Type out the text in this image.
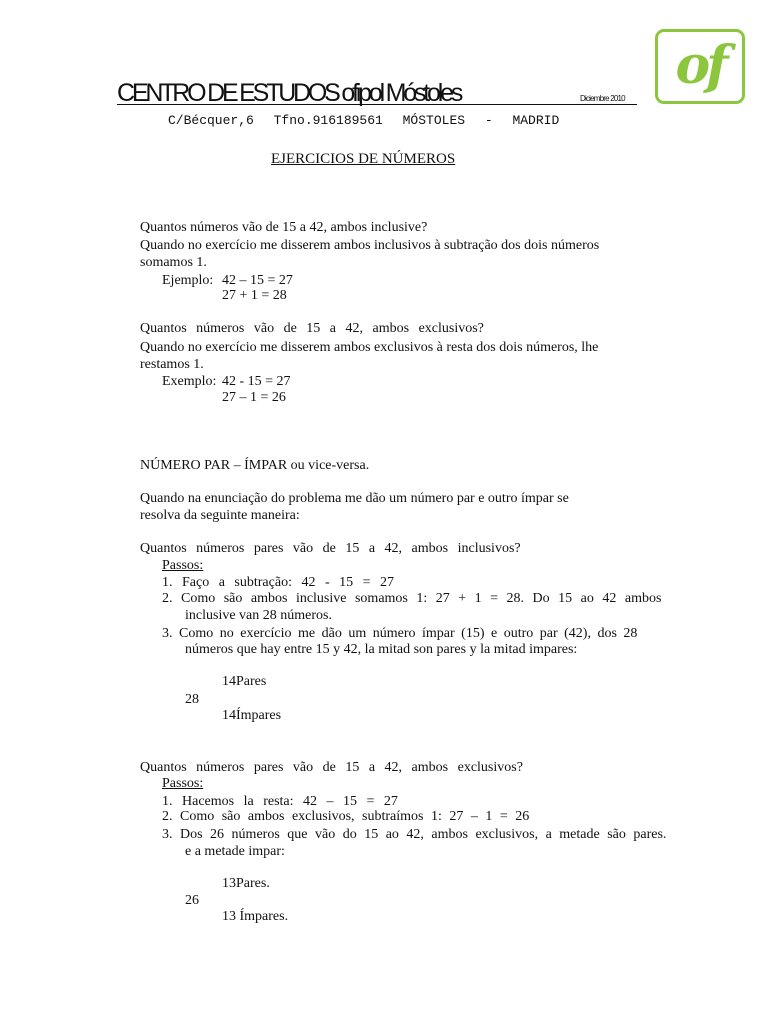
CENTRO DE ESTUDOS ofipol Móstoles	Diciembre 2010
C/Bécquer,6 Tfno.916189561 MÓSTOLES - MADRID
of
EJERCICIOS DE NÚMEROS
Quantos números vão de 15 a 42, ambos inclusive?
Quando no exercício me disserem ambos inclusivos à subtração dos dois números
somamos 1.
Ejemplo: 42 – 15 = 27
27 + 1 = 28
Quantos números vão de 15 a 42, ambos exclusivos?
Quando no exercício me disserem ambos exclusivos à resta dos dois números, lhe
restamos 1.
Exemplo: 42 - 15 = 27
27 – 1 = 26
NÚMERO PAR – ÍMPAR ou vice-versa.
Quando na enunciação do problema me dão um número par e outro ímpar se
resolva da seguinte maneira:
Quantos números pares vão de 15 a 42, ambos inclusivos?
Passos:
1. Faço a subtração: 42 - 15 = 27
2. Como são ambos inclusive somamos 1: 27 + 1 = 28. Do 15 ao 42 ambos
inclusive van 28 números.
3. Como no exercício me dão um número ímpar (15) e outro par (42), dos 28
números que hay entre 15 y 42, la mitad son pares y la mitad impares:
14Pares
28
14Ímpares
Quantos números pares vão de 15 a 42, ambos exclusivos?
Passos:
1. Hacemos la resta: 42 – 15 = 27
2. Como são ambos exclusivos, subtraímos 1: 27 – 1 = 26
3. Dos 26 números que vão do 15 ao 42, ambos exclusivos, a metade são pares.
e a metade impar:
13Pares.
26
13 Ímpares.
